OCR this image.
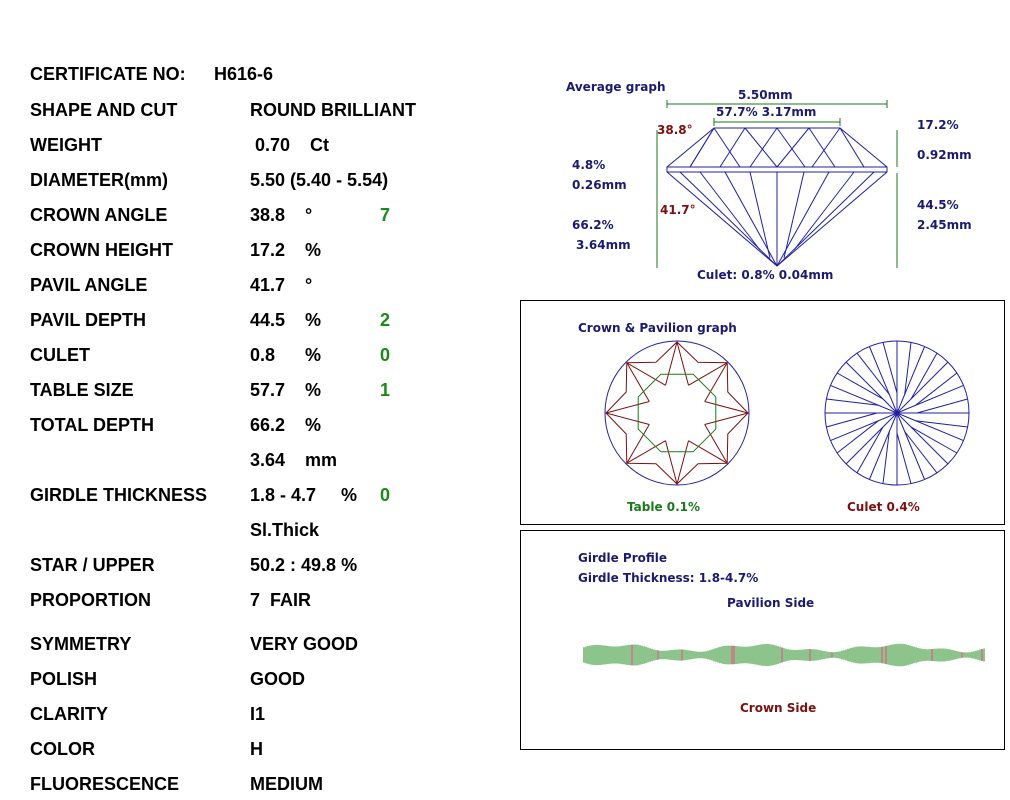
CERTIFICATE NO: H616-6
SHAPE AND CUT	ROUND BRILLIANT
WEIGHT	0.70    Ct
DIAMETER(mm)	5.50 (5.40 - 5.54)
CROWN ANGLE	38.8    °	7
CROWN HEIGHT	17.2    %
PAVIL ANGLE	41.7    °
PAVIL DEPTH	44.5    %	2
CULET	0.8      %	0
TABLE SIZE	57.7    %	1
TOTAL DEPTH	66.2    %
3.64    mm
GIRDLE THICKNESS 1.8 - 4.7     % 0
Sl.Thick
STAR / UPPER	50.2 : 49.8 %
PROPORTION	7  FAIR
SYMMETRY	VERY GOOD
POLISH	GOOD
CLARITY	I1
COLOR	H
FLUORESCENCE	MEDIUM
Average graph
5.50mm
57.7% 3.17mm
38.8°	17.2%
0.92mm
4.8%
0.26mm
41.7°	44.5%
2.45mm
66.2%
3.64mm
Culet: 0.8% 0.04mm
Crown & Pavilion graph
Table 0.1%	Culet 0.4%
Girdle Profile
Girdle Thickness: 1.8-4.7%
Pavilion Side
Crown Side
